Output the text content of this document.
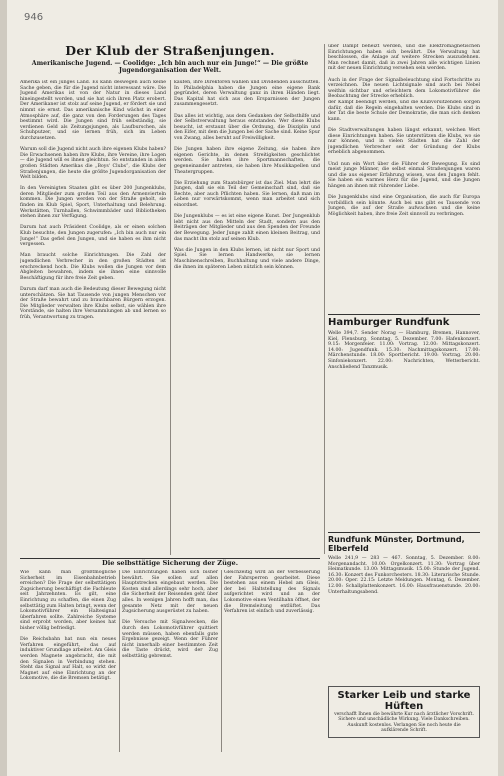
946
Der Klub der Straßenjungen.
Amerikanische Jugend. — Coolidge: „Ich bin auch nur ein Junge!“ — Die größte Jugendorganisation der Welt.
Amerika ist ein junges Land. Es kann deswegen auch keine Sache geben, die für die Jugend nicht interessant wäre. Die Jugend Amerikas ist von der Natur in dieses Land hineingestellt worden, und sie hat sich ihren Platz erobert. Der Amerikaner ist stolz auf seine Jugend, er fördert sie und nimmt sie ernst. Das amerikanische Kind wächst in einer Atmosphäre auf, die ganz von den Forderungen des Tages bestimmt wird. Die Jungen sind früh selbständig, sie verdienen Geld als Zeitungsjungen, als Laufburschen, als Schuhputzer, und sie lernen früh, sich im Leben durchzusetzen.

Warum soll die Jugend nicht auch ihre eigenen Klubs haben? Die Erwachsenen haben ihre Klubs, ihre Vereine, ihre Logen — die Jugend will es ihnen gleichtun. So entstanden in allen großen Städten Amerikas die „Boys' Clubs“, die Klubs der Straßenjungen, die heute die größte Jugendorganisation der Welt bilden.

In den Vereinigten Staaten gibt es über 200 Jungenklubs, deren Mitglieder zum großen Teil aus den Armenvierteln kommen. Die Jungen werden von der Straße geholt, sie finden im Klub Spiel, Sport, Unterhaltung und Belehrung. Werkstätten, Turnhallen, Schwimmbäder und Bibliotheken stehen ihnen zur Verfügung.

Darum hat auch Präsident Coolidge, als er einen solchen Klub besuchte, den Jungen zugerufen: „Ich bin auch nur ein Junge!“ Das gefiel den Jungen, und sie haben es ihm nicht vergessen.

Man braucht solche Einrichtungen. Die Zahl der jugendlichen Verbrecher in den großen Städten ist erschreckend hoch. Die Klubs wollen die Jungen vor dem Abgleiten bewahren, indem sie ihnen eine sinnvolle Beschäftigung für ihre freie Zeit geben.

Darum darf man auch die Bedeutung dieser Bewegung nicht unterschätzen. Sie hat Tausende von jungen Menschen vor der Straße bewahrt und zu brauchbaren Bürgern erzogen. Die Mitglieder verwalten ihre Klubs selbst, sie wählen ihre Vorstände, sie halten ihre Versammlungen ab und lernen so früh, Verantwortung zu tragen.
kaufen, ihre Direktoren wählen und Dividenden ausschütten. In Philadelphia haben die Jungen eine eigene Bank gegründet, deren Verwaltung ganz in ihren Händen liegt. Das Kapital hat sich aus den Ersparnissen der Jungen zusammengesetzt.

Das alles ist wichtig, aus dem Gedanken der Selbsthilfe und der Selbstverwaltung heraus entstanden. Wer diese Klubs besucht, ist erstaunt über die Ordnung, die Disziplin und den Eifer, mit dem die Jungen bei der Sache sind. Keine Spur von Zwang, alles beruht auf Freiwilligkeit.

Die Jungen haben ihre eigene Zeitung, sie haben ihre eigenen Gerichte, in denen Streitigkeiten geschlichtet werden. Sie haben ihre Sportmannschaften, die gegeneinander antreten, sie haben ihre Musikkapellen und Theatergruppen.

Die Erziehung zum Staatsbürger ist das Ziel. Man lehrt die Jungen, daß sie ein Teil der Gemeinschaft sind, daß sie Rechte, aber auch Pflichten haben. Sie lernen, daß man im Leben nur vorwärtskommt, wenn man arbeitet und sich einordnet.

Die Jungenklubs — es ist eine eigene Kunst. Der Jungenklub lebt nicht aus den Mitteln der Stadt, sondern aus den Beiträgen der Mitglieder und aus den Spenden der Freunde der Bewegung. Jeder Junge zahlt einen kleinen Beitrag, und das macht ihn stolz auf seinen Klub.

Was die Jungen in den Klubs lernen, ist nicht nur Sport und Spiel. Sie lernen Handwerke, sie lernen Maschinenschreiben, Buchhaltung und viele andere Dinge, die ihnen im späteren Leben nützlich sein können.
über Dampf beheizt werden, und die Elektromagnetischen Einrichtungen haben sich bewährt. Die Verwaltung hat beschlossen, die Anlage auf weitere Strecken auszudehnen. Man rechnet damit, daß in zwei Jahren alle wichtigen Linien mit der neuen Einrichtung versehen sein werden.

Auch in der Frage der Signalbeleuchtung sind Fortschritte zu verzeichnen. Die neuen Lichtsignale sind auch bei Nebel weithin sichtbar und erleichtern dem Lokomotivführer die Beobachtung der Strecke erheblich.

der Kampf beendigt werden, und die Klubvorsitzenden sorgen dafür, daß die Regeln eingehalten werden. Die Klubs sind in der Tat die beste Schule der Demokratie, die man sich denken kann.

Die Stadtverwaltungen haben längst erkannt, welchen Wert diese Einrichtungen haben. Sie unterstützen die Klubs, wo sie nur können, und in vielen Städten hat die Zahl der jugendlichen Verbrecher seit der Gründung der Klubs erheblich abgenommen.

Und nun ein Wort über die Führer der Bewegung. Es sind meist junge Männer, die selbst einmal Straßenjungen waren und die aus eigener Erfahrung wissen, was den Jungen fehlt. Sie haben ein warmes Herz für die Jugend, und die Jungen hängen an ihnen mit rührender Liebe.

Die Jungenklubs sind eine Organisation, die auch für Europa vorbildlich sein könnte. Auch bei uns gibt es Tausende von Jungen, die auf der Straße aufwachsen und die keine Möglichkeit haben, ihre freie Zeit sinnvoll zu verbringen.
Hamburger Rundfunk
Welle 394,7. Sender Norag — Hamburg, Bremen, Hannover, Kiel, Flensburg. Sonntag, 5. Dezember. 7.00: Hafenkonzert. 9.15: Morgenfeier. 11.00: Vortrag. 12.00: Mittagskonzert. 14.00: Jugendfunk. 15.30: Nachmittagskonzert. 17.00: Märchenstunde. 18.00: Sportbericht. 19.00: Vortrag. 20.00: Sinfoniekonzert. 22.00: Nachrichten, Wetterbericht. Anschließend Tanzmusik.
Rundfunk Münster, Dortmund, Elberfeld
Welle 241,9 — 283 — 467. Sonntag, 5. Dezember. 8.00: Morgenandacht. 10.00: Orgelkonzert. 11.30: Vortrag über Heimatkunde. 13.00: Mittagsmusik. 15.00: Stunde der Jugend. 16.30: Konzert des Funkorchesters. 18.30: Literarische Stunde. 20.00: Oper. 22.15: Letzte Meldungen. Montag, 6. Dezember. 12.00: Schallplattenkonzert. 16.00: Hausfrauenstunde. 20.00: Unterhaltungsabend.
Starker Leib und starke Hüften
verschafft Ihnen die bewährte Kur nach ärztlicher Vorschrift. Sichere und unschädliche Wirkung. Viele Dankschreiben. Auskunft kostenlos. Verlangen Sie noch heute die aufklärende Schrift.
Die selbsttätige Sicherung der Züge.
Wie kann man größtmögliche Sicherheit im Eisenbahnbetrieb erreichen? Die Frage der selbsttätigen Zugsicherung beschäftigt die Fachleute seit Jahrzehnten. Es gilt, eine Einrichtung zu schaffen, die einen Zug selbsttätig zum Halten bringt, wenn der Lokomotivführer ein Haltesignal überfahren sollte. Zahlreiche Systeme sind erprobt worden, aber keines hat bisher völlig befriedigt.

Die Reichsbahn hat nun ein neues Verfahren eingeführt, das auf induktiver Grundlage arbeitet. Am Gleis werden Magnete angebracht, die mit den Signalen in Verbindung stehen. Steht das Signal auf Halt, so wirkt der Magnet auf eine Einrichtung an der Lokomotive, die die Bremsen betätigt.
Die Einrichtungen haben sich bisher bewährt. Sie sollen auf allen Hauptstrecken eingebaut werden. Die Kosten sind allerdings sehr hoch, aber die Sicherheit der Reisenden geht über alles. In wenigen Jahren hofft man, das gesamte Netz mit der neuen Zugsicherung ausgerüstet zu haben.

Die Versuche mit Signalwecken, die durch den Lokomotivführer quittiert werden müssen, haben ebenfalls gute Ergebnisse gezeigt. Wenn der Führer nicht innerhalb einer bestimmten Zeit die Taste drückt, wird der Zug selbsttätig gebremst.
Gleichzeitig wird an der Verbesserung der Fahrsperren gearbeitet. Diese bestehen aus einem Hebel am Gleis, der bei Haltstellung des Signals aufgerichtet wird und an der Lokomotive einen Ventilhahn öffnet, der die Bremsleitung entlüftet. Das Verfahren ist einfach und zuverlässig.
